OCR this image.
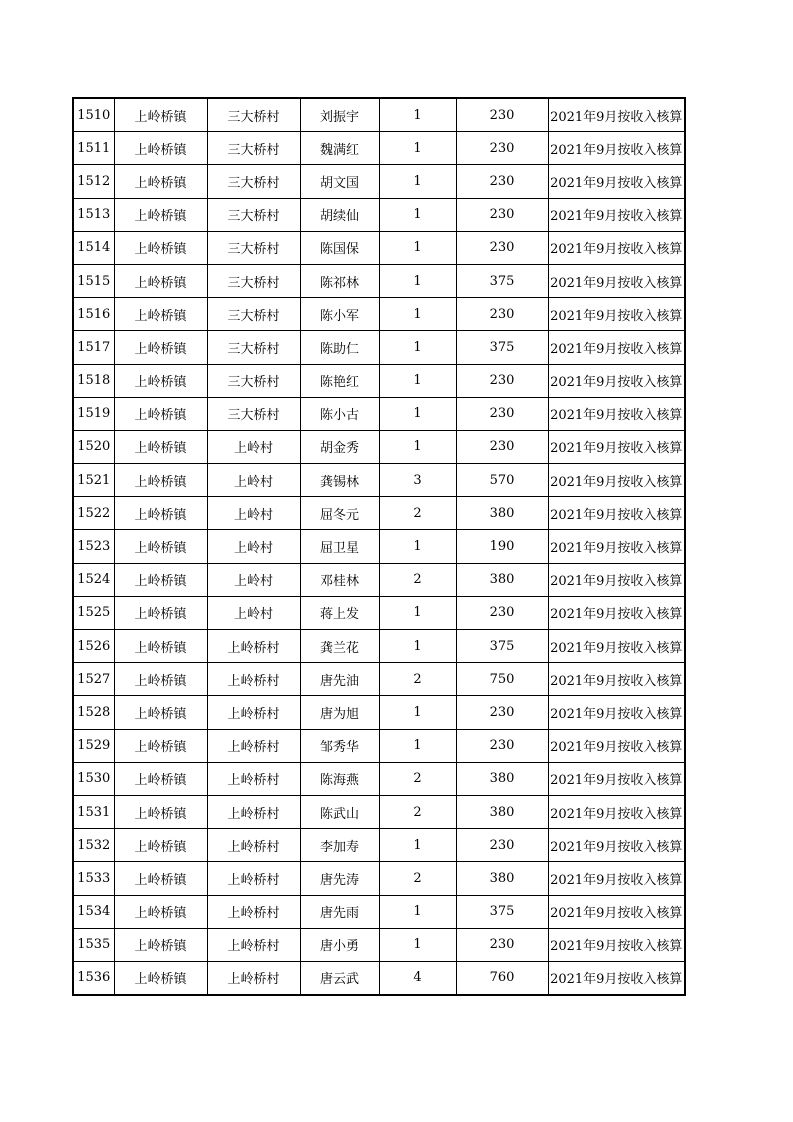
1510	上岭桥镇	三大桥村	刘振宇	1	230	2021年9月按收入核算
1511	上岭桥镇	三大桥村	魏满红	1	230	2021年9月按收入核算
1512	上岭桥镇	三大桥村	胡文国	1	230	2021年9月按收入核算
1513	上岭桥镇	三大桥村	胡续仙	1	230	2021年9月按收入核算
1514	上岭桥镇	三大桥村	陈国保	1	230	2021年9月按收入核算
1515	上岭桥镇	三大桥村	陈祁林	1	375	2021年9月按收入核算
1516	上岭桥镇	三大桥村	陈小军	1	230	2021年9月按收入核算
1517	上岭桥镇	三大桥村	陈助仁	1	375	2021年9月按收入核算
1518	上岭桥镇	三大桥村	陈艳红	1	230	2021年9月按收入核算
1519	上岭桥镇	三大桥村	陈小古	1	230	2021年9月按收入核算
1520	上岭桥镇	上岭村	胡金秀	1	230	2021年9月按收入核算
1521	上岭桥镇	上岭村	龚锡林	3	570	2021年9月按收入核算
1522	上岭桥镇	上岭村	屈冬元	2	380	2021年9月按收入核算
1523	上岭桥镇	上岭村	屈卫星	1	190	2021年9月按收入核算
1524	上岭桥镇	上岭村	邓桂林	2	380	2021年9月按收入核算
1525	上岭桥镇	上岭村	蒋上发	1	230	2021年9月按收入核算
1526	上岭桥镇	上岭桥村	龚兰花	1	375	2021年9月按收入核算
1527	上岭桥镇	上岭桥村	唐先油	2	750	2021年9月按收入核算
1528	上岭桥镇	上岭桥村	唐为旭	1	230	2021年9月按收入核算
1529	上岭桥镇	上岭桥村	邹秀华	1	230	2021年9月按收入核算
1530	上岭桥镇	上岭桥村	陈海燕	2	380	2021年9月按收入核算
1531	上岭桥镇	上岭桥村	陈武山	2	380	2021年9月按收入核算
1532	上岭桥镇	上岭桥村	李加寿	1	230	2021年9月按收入核算
1533	上岭桥镇	上岭桥村	唐先涛	2	380	2021年9月按收入核算
1534	上岭桥镇	上岭桥村	唐先雨	1	375	2021年9月按收入核算
1535	上岭桥镇	上岭桥村	唐小勇	1	230	2021年9月按收入核算
1536	上岭桥镇	上岭桥村	唐云武	4	760	2021年9月按收入核算
